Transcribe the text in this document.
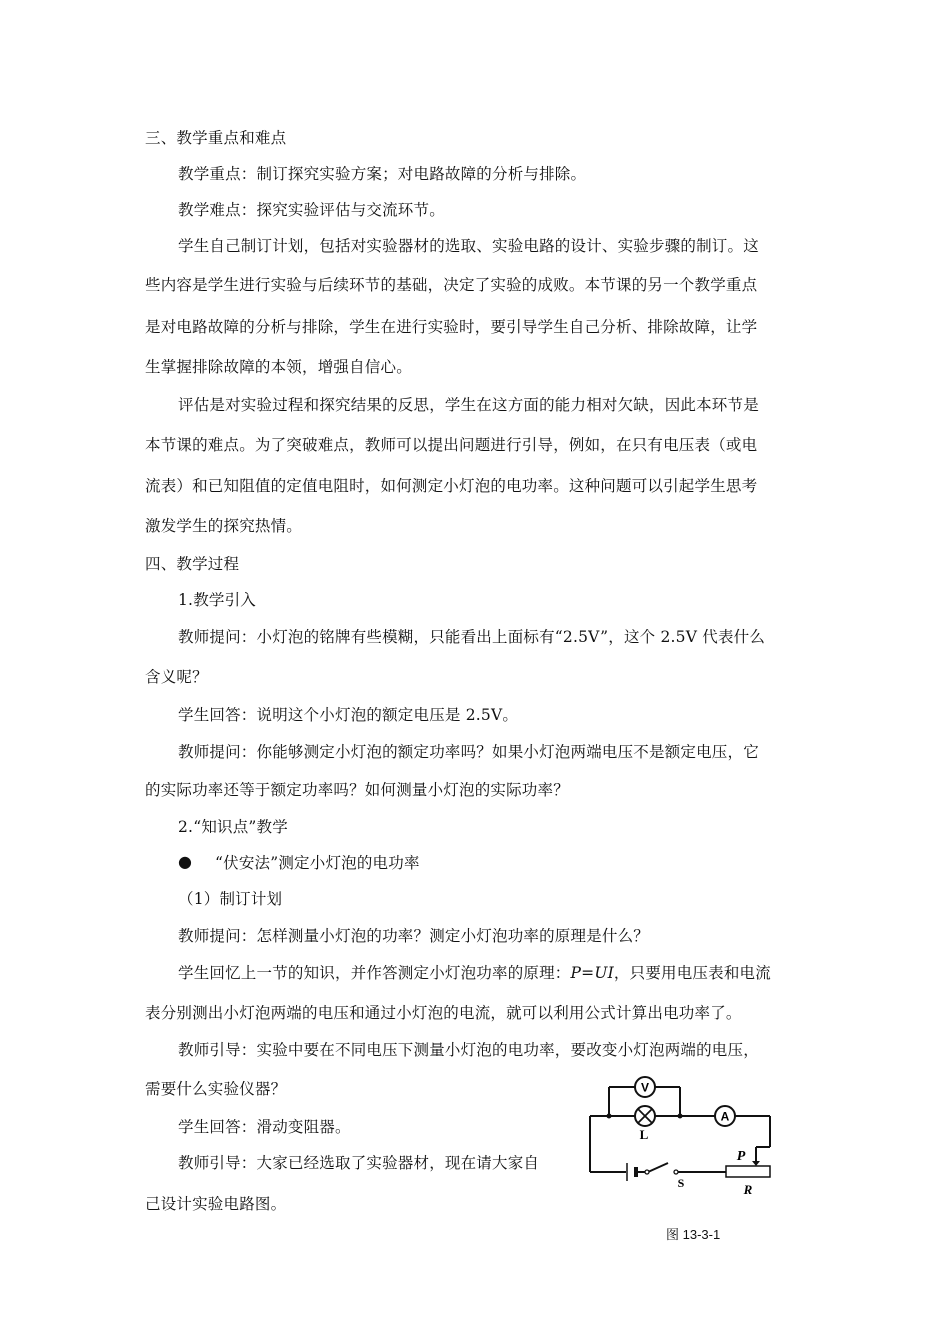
三、教学重点和难点
教学重点：制订探究实验方案；对电路故障的分析与排除。
教学难点：探究实验评估与交流环节。
学生自己制订计划，包括对实验器材的选取、实验电路的设计、实验步骤的制订。这
些内容是学生进行实验与后续环节的基础，决定了实验的成败。本节课的另一个教学重点
是对电路故障的分析与排除，学生在进行实验时，要引导学生自己分析、排除故障，让学
生掌握排除故障的本领，增强自信心。
评估是对实验过程和探究结果的反思，学生在这方面的能力相对欠缺，因此本环节是
本节课的难点。为了突破难点，教师可以提出问题进行引导，例如，在只有电压表（或电
流表）和已知阻值的定值电阻时，如何测定小灯泡的电功率。这种问题可以引起学生思考
激发学生的探究热情。
四、教学过程
1.教学引入
教师提问：小灯泡的铭牌有些模糊，只能看出上面标有“2.5V”，这个 2.5V 代表什么
含义呢？
学生回答：说明这个小灯泡的额定电压是 2.5V。
教师提问：你能够测定小灯泡的额定功率吗？如果小灯泡两端电压不是额定电压，它
的实际功率还等于额定功率吗？如何测量小灯泡的实际功率？
2.“知识点”教学
● “伏安法”测定小灯泡的电功率
（1）制订计划
教师提问：怎样测量小灯泡的功率？测定小灯泡功率的原理是什么？
学生回忆上一节的知识，并作答测定小灯泡功率的原理：P=UI，只要用电压表和电流
表分别测出小灯泡两端的电压和通过小灯泡的电流，就可以利用公式计算出电功率了。
教师引导：实验中要在不同电压下测量小灯泡的电功率，要改变小灯泡两端的电压，
需要什么实验仪器？
学生回答：滑动变阻器。
教师引导：大家已经选取了实验器材，现在请大家自
己设计实验电路图。
V
A
L
S
P
R
图 13-3-1
